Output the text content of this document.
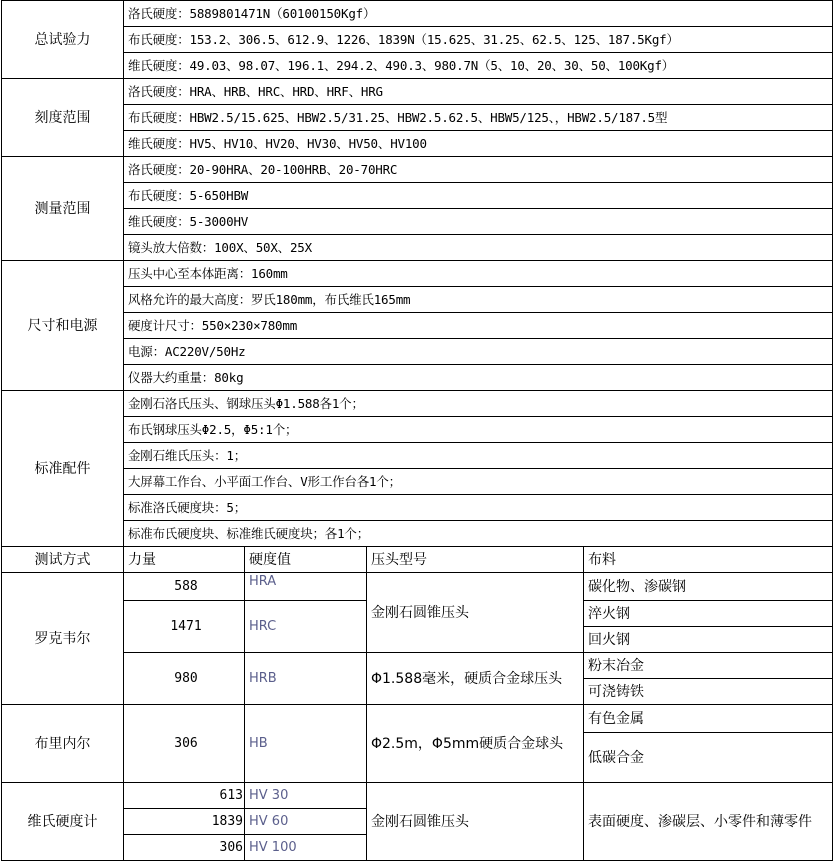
总试验力	洛氏硬度：5889801471N（60100150Kgf）			
	布氏硬度：153.2、306.5、612.9、1226、1839N（15.625、31.25、62.5、125、187.5Kgf）			
	维氏硬度：49.03、98.07、196.1、294.2、490.3、980.7N（5、10、20、30、50、100Kgf）			
刻度范围	洛氏硬度：HRA、HRB、HRC、HRD、HRF、HRG			
	布氏硬度：HBW2.5/15.625、HBW2.5/31.25、HBW2.5.62.5、HBW5/125、，HBW2.5/187.5型			
	维氏硬度：HV5、HV10、HV20、HV30、HV50、HV100			
测量范围	洛氏硬度：20-90HRA、20-100HRB、20-70HRC			
	布氏硬度：5-650HBW			
	维氏硬度：5-3000HV			
	镜头放大倍数：100X、50X、25X			
尺寸和电源	压头中心至本体距离：160mm			
	风格允许的最大高度：罗氏180mm，布氏维氏165mm			
	硬度计尺寸：550×230×780mm			
	电源：AC220V/50Hz			
	仪器大约重量：80kg			
标准配件	金刚石洛氏压头、钢球压头Φ1.588各1个；			
	布氏钢球压头Φ2.5，Φ5:1个；			
	金刚石维氏压头：1；			
	大屏幕工作台、小平面工作台、V形工作台各1个；			
	标准洛氏硬度块：5；			
	标准布氏硬度块、标准维氏硬度块；各1个；			
测试方式	力量	硬度值	压头型号	布料
罗克韦尔	588	HRA	金刚石圆锥压头	碳化物、渗碳钢
	1471	HRC		淬火钢
				回火钢
	980	HRB	Φ1.588毫米，硬质合金球压头	粉末冶金
				可浇铸铁
布里内尔	306	HB	Φ2.5m，Φ5mm硬质合金球头	有色金属
				低碳合金
维氏硬度计	613	HV 30	金刚石圆锥压头	表面硬度、渗碳层、小零件和薄零件
	1839	HV 60		
	306	HV 100		
